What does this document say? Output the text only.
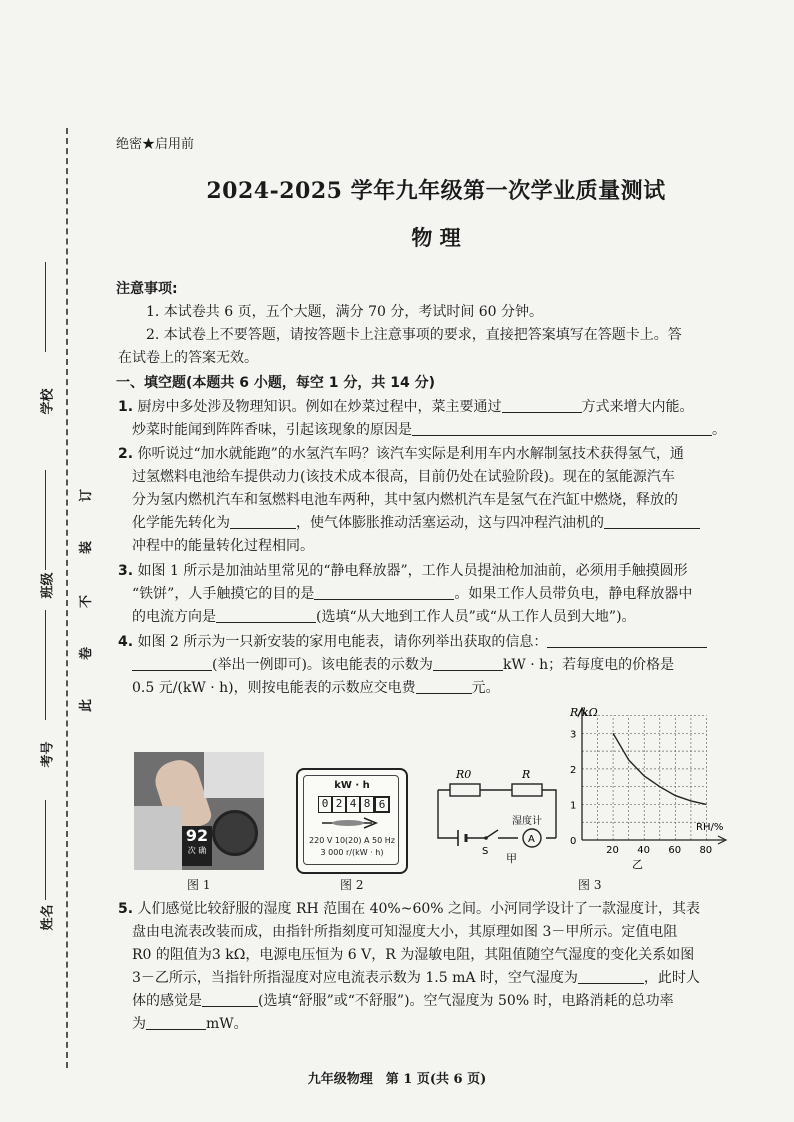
学校
班级
考号
姓名
订
装
不
卷
此
绝密★启用前
2024-2025 学年九年级第一次学业质量测试
物 理
注意事项:
1. 本试卷共 6 页，五个大题，满分 70 分，考试时间 60 分钟。
2. 本试卷上不要答题，请按答题卡上注意事项的要求，直接把答案填写在答题卡上。答
在试卷上的答案无效。
一、填空题(本题共 6 小题，每空 1 分，共 14 分)
1. 厨房中多处涉及物理知识。例如在炒菜过程中，菜主要通过	方式来增大内能。
炒菜时能闻到阵阵香味，引起该现象的原因是	。
2. 你听说过“加水就能跑”的水氢汽车吗？该汽车实际是利用车内水解制氢技术获得氢气，通
过氢燃料电池给车提供动力(该技术成本很高，目前仍处在试验阶段)。现在的氢能源汽车
分为氢内燃机汽车和氢燃料电池车两种，其中氢内燃机汽车是氢气在汽缸中燃烧，释放的
化学能先转化为	，使气体膨胀推动活塞运动，这与四冲程汽油机的
冲程中的能量转化过程相同。
3. 如图 1 所示是加油站里常见的“静电释放器”，工作人员提油枪加油前，必须用手触摸圆形
“铁饼”，人手触摸它的目的是	。如果工作人员带负电，静电释放器中
的电流方向是	(选填“从大地到工作人员”或“从工作人员到大地”)。
4. 如图 2 所示为一只新安装的家用电能表，请你列举出获取的信息：
(举出一例即可)。该电能表的示数为	kW · h；若每度电的价格是
0.5 元/(kW · h)，则按电能表的示数应交电费	元。
92
次 确
图 1
kW · h
0 2 4 8 6
220 V 10(20) A 50 Hz
3 000 r/(kW · h)
图 2
A
R0	R
湿度计
S
甲
R/kΩ
RH/%
0
20 40 60 80
1
2
3
乙
图 3
5. 人们感觉比较舒服的湿度 RH 范围在 40%~60% 之间。小河同学设计了一款湿度计，其表
盘由电流表改装而成，由指针所指刻度可知湿度大小，其原理如图 3－甲所示。定值电阻
R0 的阻值为3 kΩ，电源电压恒为 6 V，R 为湿敏电阻，其阻值随空气湿度的变化关系如图
3－乙所示，当指针所指湿度对应电流表示数为 1.5 mA 时，空气湿度为	，此时人
体的感觉是	(选填“舒服”或“不舒服”)。空气湿度为 50% 时，电路消耗的总功率
为	mW。
九年级物理　第 1 页(共 6 页)
